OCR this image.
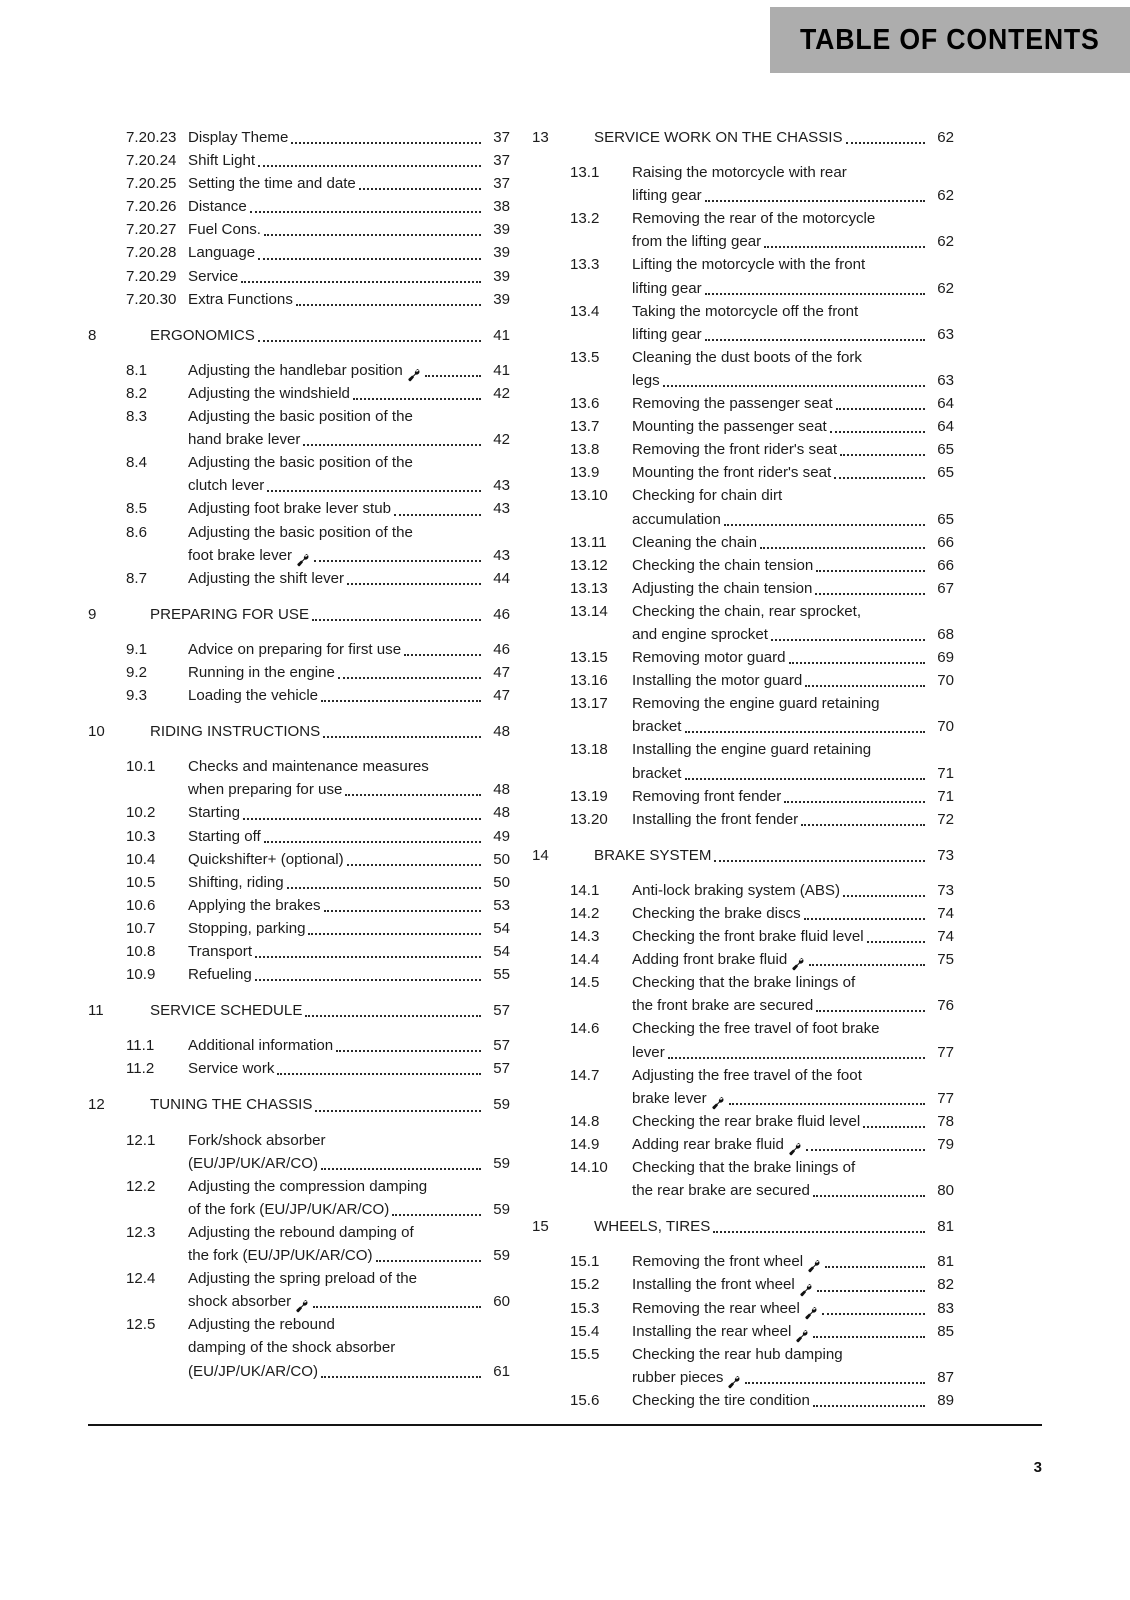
TABLE OF CONTENTS
7.20.23 Display Theme	37
7.20.24 Shift Light	37
7.20.25 Setting the time and date	37
7.20.26 Distance	38
7.20.27 Fuel Cons.	39
7.20.28 Language	39
7.20.29 Service	39
7.20.30 Extra Functions	39
8	ERGONOMICS	41
8.1	Adjusting the handlebar position	41
8.2	Adjusting the windshield	42
8.3	Adjusting the basic position of the
hand brake lever	42
8.4	Adjusting the basic position of the
clutch lever	43
8.5	Adjusting foot brake lever stub	43
8.6	Adjusting the basic position of the
foot brake lever	43
8.7	Adjusting the shift lever	44
9	PREPARING FOR USE	46
9.1	Advice on preparing for first use	46
9.2	Running in the engine	47
9.3	Loading the vehicle	47
10	RIDING INSTRUCTIONS	48
10.1	Checks and maintenance measures
when preparing for use	48
10.2	Starting	48
10.3	Starting off	49
10.4	Quickshifter+ (optional)	50
10.5	Shifting, riding	50
10.6	Applying the brakes	53
10.7	Stopping, parking	54
10.8	Transport	54
10.9	Refueling	55
11	SERVICE SCHEDULE	57
11.1	Additional information	57
11.2	Service work	57
12	TUNING THE CHASSIS	59
12.1	Fork/shock absorber
(EU/JP/UK/AR/CO)	59
12.2	Adjusting the compression damping
of the fork (EU/JP/UK/AR/CO)	59
12.3	Adjusting the rebound damping of
the fork (EU/JP/UK/AR/CO)	59
12.4	Adjusting the spring preload of the
shock absorber	60
12.5	Adjusting the rebound
damping of the shock absorber
(EU/JP/UK/AR/CO)	61
13	SERVICE WORK ON THE CHASSIS	62
13.1	Raising the motorcycle with rear
lifting gear	62
13.2	Removing the rear of the motorcycle
from the lifting gear	62
13.3	Lifting the motorcycle with the front
lifting gear	62
13.4	Taking the motorcycle off the front
lifting gear	63
13.5	Cleaning the dust boots of the fork
legs	63
13.6	Removing the passenger seat	64
13.7	Mounting the passenger seat	64
13.8	Removing the front rider's seat	65
13.9	Mounting the front rider's seat	65
13.10	Checking for chain dirt
accumulation	65
13.11	Cleaning the chain	66
13.12	Checking the chain tension	66
13.13	Adjusting the chain tension	67
13.14	Checking the chain, rear sprocket,
and engine sprocket	68
13.15	Removing motor guard	69
13.16	Installing the motor guard	70
13.17	Removing the engine guard retaining
bracket	70
13.18	Installing the engine guard retaining
bracket	71
13.19	Removing front fender	71
13.20	Installing the front fender	72
14	BRAKE SYSTEM	73
14.1	Anti-lock braking system (ABS)	73
14.2	Checking the brake discs	74
14.3	Checking the front brake fluid level	74
14.4	Adding front brake fluid	75
14.5	Checking that the brake linings of
the front brake are secured	76
14.6	Checking the free travel of foot brake
lever	77
14.7	Adjusting the free travel of the foot
brake lever	77
14.8	Checking the rear brake fluid level	78
14.9	Adding rear brake fluid	79
14.10	Checking that the brake linings of
the rear brake are secured	80
15	WHEELS, TIRES	81
15.1	Removing the front wheel	81
15.2	Installing the front wheel	82
15.3	Removing the rear wheel	83
15.4	Installing the rear wheel	85
15.5	Checking the rear hub damping
rubber pieces	87
15.6	Checking the tire condition	89
3
